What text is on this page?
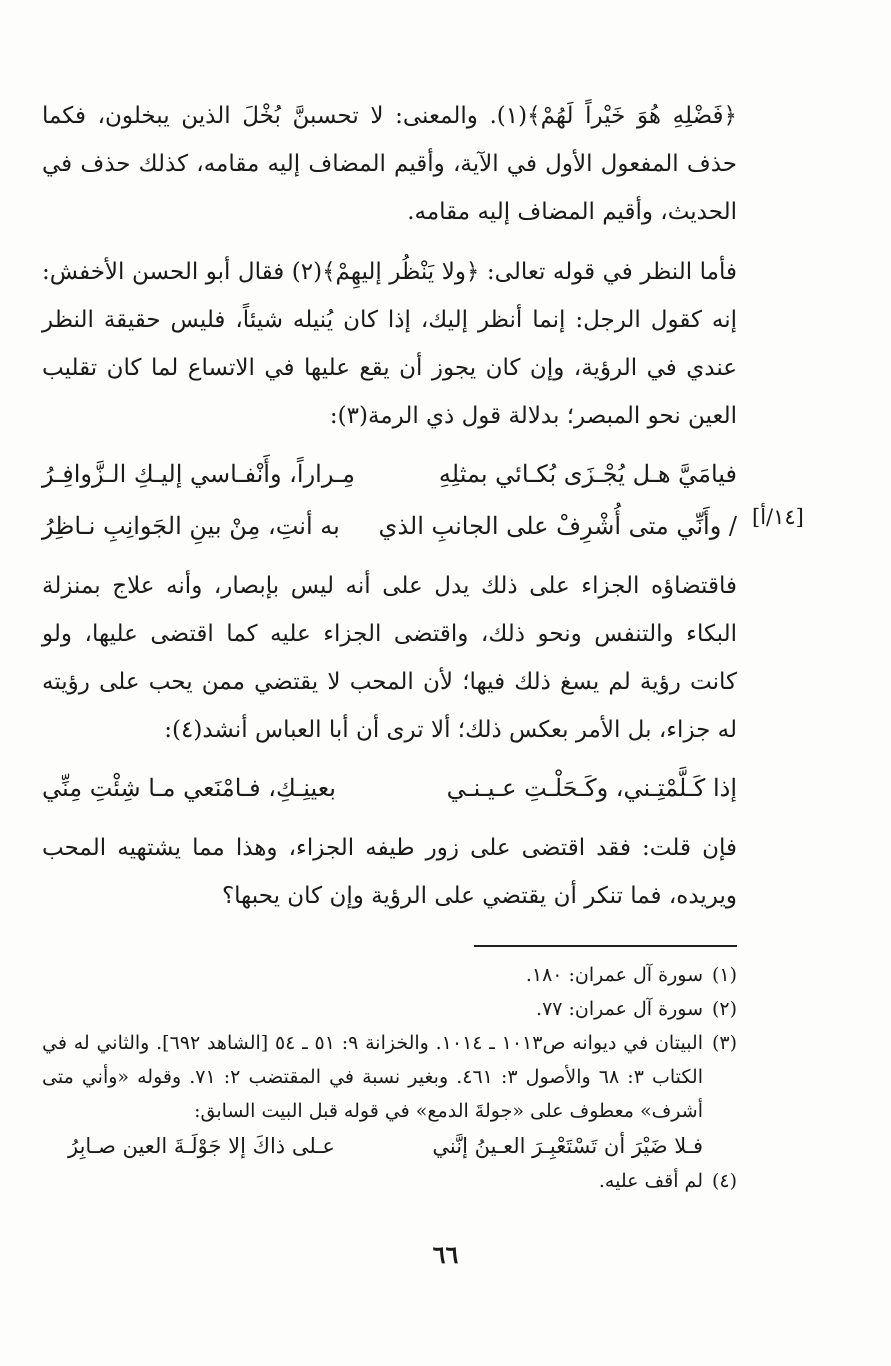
﴿فَضْلِهِ هُوَ خَيْراً لَهُمْ﴾(١). والمعنى: لا تحسبنَّ بُخْلَ الذين يبخلون، فكما حذف المفعول الأول في الآية، وأقيم المضاف إليه مقامه، كذلك حذف في الحديث، وأقيم المضاف إليه مقامه.

فأما النظر في قوله تعالى: ﴿ولا يَنْظُر إليهِمْ﴾(٢) فقال أبو الحسن الأخفش: إنه كقول الرجل: إنما أنظر إليك، إذا كان يُنيله شيئاً، فليس حقيقة النظر عندي في الرؤية، وإن كان يجوز أن يقع عليها في الاتساع لما كان تقليب العين نحو المبصر؛ بدلالة قول ذي الرمة(٣):

فيامَيَّ هـل يُجْـزَى بُكـائي بمثلِهِ
مِـراراً، وأَنْفـاسي إليـكِ الـزَّوافِـرُ
/ وأَنِّي متى أُشْرِفْ على الجانبِ الذي
به أنتِ، مِنْ بينِ الجَوانِبِ نـاظِرُ

فاقتضاؤه الجزاء على ذلك يدل على أنه ليس بإبصار، وأنه علاج بمنزلة البكاء والتنفس ونحو ذلك، واقتضى الجزاء عليه كما اقتضى عليها، ولو كانت رؤية لم يسغ ذلك فيها؛ لأن المحب لا يقتضي ممن يحب على رؤيته له جزاء، بل الأمر بعكس ذلك؛ ألا ترى أن أبا العباس أنشد(٤):

إذا كَـلَّمْتِـني، وكَـحَلْـتِ عـيـنـي
بعينِـكِ، فـامْنَعي مـا شِئْتِ مِنِّي

فإن قلت: فقد اقتضى على زور طيفه الجزاء، وهذا مما يشتهيه المحب ويريده، فما تنكر أن يقتضي على الرؤية وإن كان يحبها؟

[١٤/أ]
(١)
سورة آل عمران: ١٨٠.
(٢)
سورة آل عمران: ٧٧.
(٣)
البيتان في ديوانه ص١٠١٣ ـ ١٠١٤. والخزانة ٩: ٥١ ـ ٥٤ [الشاهد ٦٩٢]. والثاني له في الكتاب ٣: ٦٨ والأصول ٣: ٤٦١. وبغير نسبة في المقتضب ٢: ٧١. وقوله «وأني متى أشرف» معطوف على «جولةَ الدمع» في قوله قبل البيت السابق:
فـلا ضَيْرَ أن تَسْتَعْبِـرَ العـينُ إنَّني
عـلى ذاكَ إلا جَوْلَـةَ العين صـابِرُ
(٤)
لم أقف عليه.
٦٦
